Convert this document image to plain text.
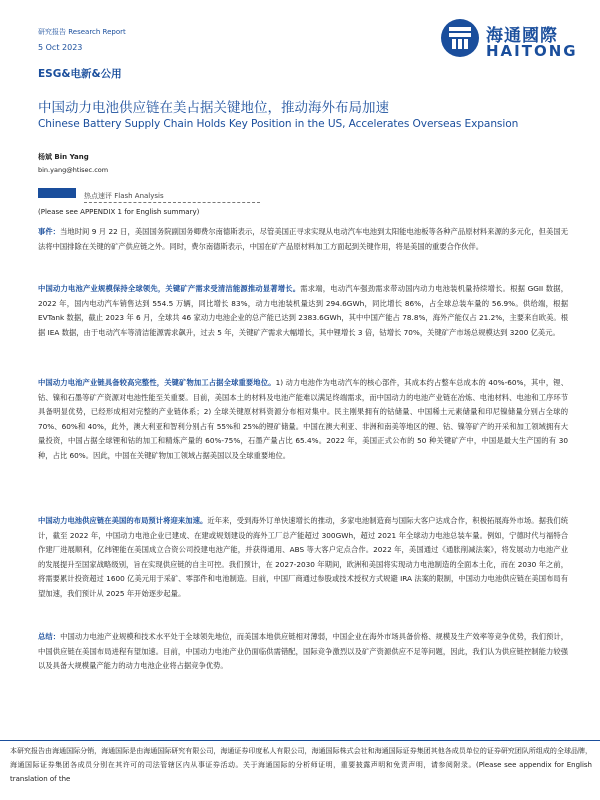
研究报告 Research Report
5 Oct 2023
海通國際
HAITONG
ESG&电新&公用
中国动力电池供应链在美占据关键地位，推动海外布局加速
Chinese Battery Supply Chain Holds Key Position in the US, Accelerates Overseas Expansion
杨斌 Bin Yang
bin.yang@htisec.com
热点速评 Flash Analysis
(Please see APPENDIX 1 for English summary)
事件：当地时间 9 月 22 日，美国国务院副国务卿费尔南德斯表示，尽管美国正寻求实现从电动汽车电池到太阳能电池板等各种产品原材料来源的多元化，但美国无法将中国排除在关键的矿产供应链之外。同时，费尔南德斯表示，中国在矿产品原材料加工方面起到关键作用，将是美国的重要合作伙伴。
中国动力电池产业规模保持全球领先，关键矿产需求受清洁能源推动显著增长。需求端，电动汽车强劲需求带动国内动力电池装机量持续增长。根据 GGII 数据，2022 年，国内电动汽车销售达到 554.5 万辆，同比增长 83%，动力电池装机量达到 294.6GWh，同比增长 86%，占全球总装车量的 56.9%。供给端，根据 EVTank 数据，截止 2023 年 6 月，全球共 46 家动力电池企业的总产能已达到 2383.6GWh，其中中国产能占 78.8%，海外产能仅占 21.2%，主要来自欧美。根据 IEA 数据，由于电动汽车等清洁能源需求飙升，过去 5 年，关键矿产需求大幅增长，其中锂增长 3 倍，钴增长 70%，关键矿产市场总规模达到 3200 亿美元。
中国动力电池产业链具备较高完整性，关键矿物加工占据全球重要地位。1) 动力电池作为电动汽车的核心部件，其成本约占整车总成本的 40%-60%，其中，锂、钴、镍和石墨等矿产资源对电池性能至关重要。目前，美国本土的材料及电池产能难以满足终端需求，而中国动力的电池产业链在冶炼、电池材料、电池和工序环节具备明显优势，已经形成相对完整的产业链体系；2) 全球关键原材料资源分布相对集中。民主刚果拥有的钴储量、中国稀土元素储量和印尼镍储量分别占全球的 70%、60%和 40%，此外，澳大利亚和智利分别占有 55%和 25%的锂矿储量。中国在澳大利亚、非洲和南美等地区的锂、钴、镍等矿产的开采和加工领域拥有大量投资，中国占据全球锂和钴的加工和精炼产量的 60%-75%，石墨产量占比 65.4%。2022 年，美国正式公布的 50 种关键矿产中，中国是最大生产国的有 30 种，占比 60%。因此，中国在关键矿物加工领域占据美国以及全球重要地位。
中国动力电池供应链在美国的布局预计将迎来加速。近年来，受到海外订单快速增长的推动，多家电池制造商与国际大客户达成合作，积极拓展海外市场。据我们统计，截至 2022 年，中国动力电池企业已建成、在建或规划建设的海外工厂总产能超过 300GWh，超过 2021 年全球动力电池总装车量。例如，宁德时代与福特合作建厂进展顺利，亿纬锂能在美国成立合资公司投建电池产能，并获得通用、ABS 等大客户定点合作。2022 年，美国通过《通胀削减法案》，将发展动力电池产业的发展提升至国家战略级别，旨在实现供应链的自主可控。我们预计，在 2027-2030 年期间，欧洲和美国将实现动力电池制造的全面本土化，而在 2030 年之前，将需要累计投资超过 1600 亿美元用于采矿、零部件和电池制造。目前，中国厂商通过参股或技术授权方式规避 IRA 法案的限制，中国动力电池供应链在美国布局有望加速，我们预计从 2025 年开始逐步起量。
总结：中国动力电池产业规模和技术水平处于全球领先地位，而美国本地供应链相对薄弱，中国企业在海外市场具备价格、规模及生产效率等竞争优势，我们预计，中国供应链在美国布局进程有望加速。目前，中国动力电池产业仍面临供需错配，国际竞争激烈以及矿产资源供应不足等问题，因此，我们认为供应链控制能力较强以及具备大规模量产能力的动力电池企业将占据竞争优势。
本研究报告由海通国际分销，海通国际是由海通国际研究有限公司，海通证券印度私人有限公司，海通国际株式会社和海通国际证券集团其他各成员单位的证券研究团队所组成的全球品牌，海通国际证券集团各成员分别在其许可的司法管辖区内从事证券活动。关于海通国际的分析师证明，重要披露声明和免责声明，请参阅附录。(Please see appendix for English translation of the
